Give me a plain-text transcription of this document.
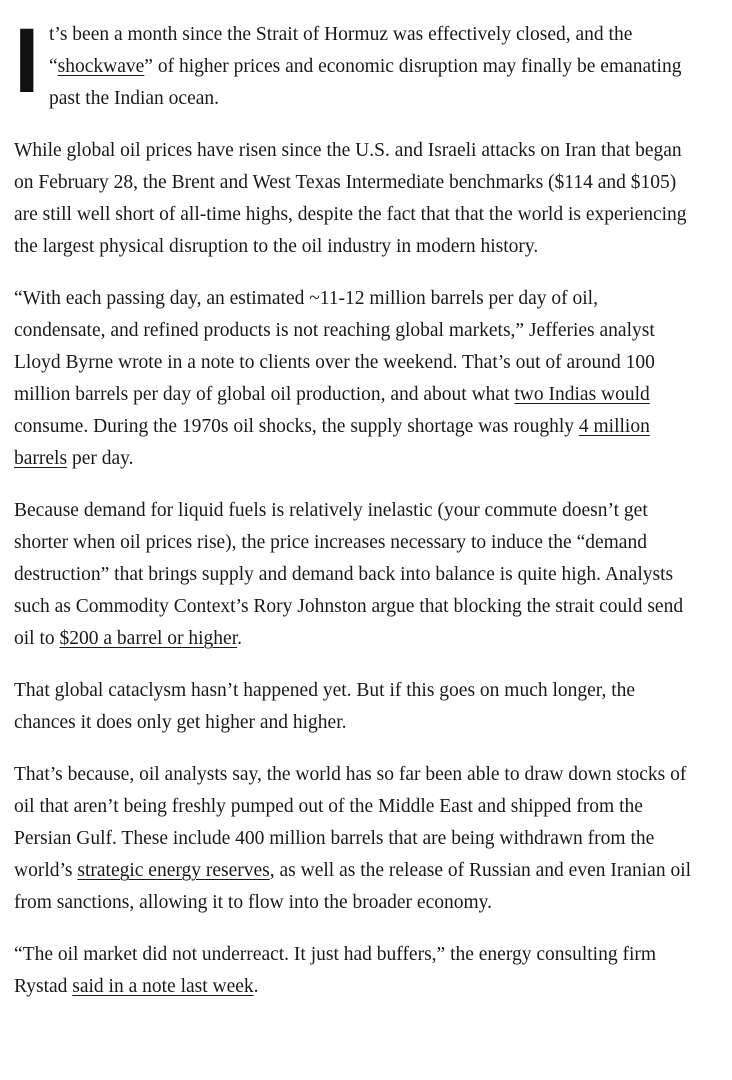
I t’s been a month since the Strait of Hormuz was effectively closed, and the “shockwave” of higher prices and economic disruption may finally be emanating past the Indian ocean.

While global oil prices have risen since the U.S. and Israeli attacks on Iran that began on February 28, the Brent and West Texas Intermediate benchmarks ($114 and $105) are still well short of all-time highs, despite the fact that that the world is experiencing the largest physical disruption to the oil industry in modern history.

“With each passing day, an estimated ~11-12 million barrels per day of oil, condensate, and refined products is not reaching global markets,” Jefferies analyst Lloyd Byrne wrote in a note to clients over the weekend. That’s out of around 100 million barrels per day of global oil production, and about what two Indias would consume. During the 1970s oil shocks, the supply shortage was roughly 4 million barrels per day.

Because demand for liquid fuels is relatively inelastic (your commute doesn’t get shorter when oil prices rise), the price increases necessary to induce the “demand destruction” that brings supply and demand back into balance is quite high. Analysts such as Commodity Context’s Rory Johnston argue that blocking the strait could send oil to $200 a barrel or higher.

That global cataclysm hasn’t happened yet. But if this goes on much longer, the chances it does only get higher and higher.

That’s because, oil analysts say, the world has so far been able to draw down stocks of oil that aren’t being freshly pumped out of the Middle East and shipped from the Persian Gulf. These include 400 million barrels that are being withdrawn from the world’s strategic energy reserves, as well as the release of Russian and even Iranian oil from sanctions, allowing it to flow into the broader economy.

“The oil market did not underreact. It just had buffers,” the energy consulting firm Rystad said in a note last week.
